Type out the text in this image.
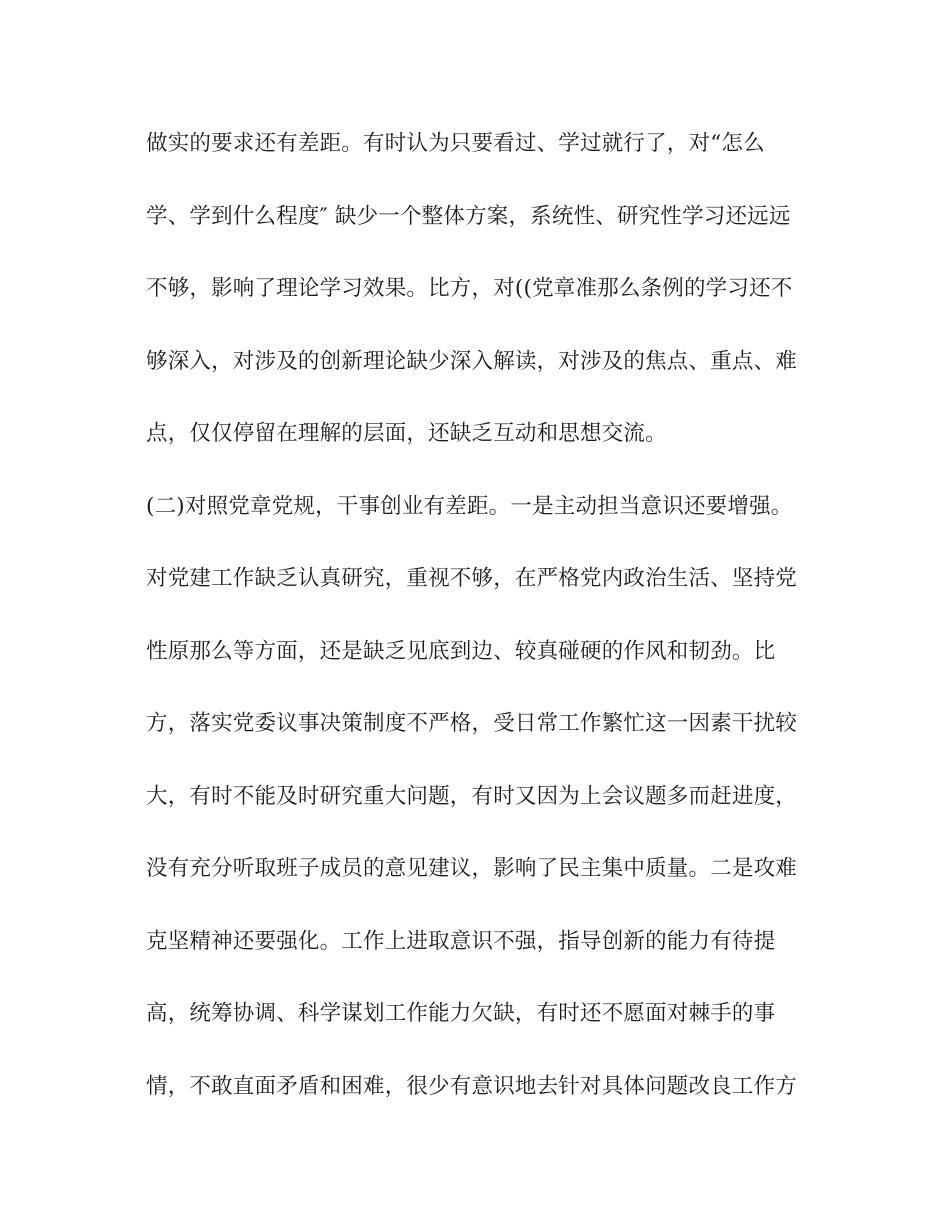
做实的要求还有差距。有时认为只要看过、学过就行了，对“怎么
学、学到什么程度″ 缺少一个整体方案，系统性、研究性学习还远远
不够，影响了理论学习效果。比方，对((党章准那么条例的学习还不
够深入，对涉及的创新理论缺少深入解读，对涉及的焦点、重点、难
点，仅仅停留在理解的层面，还缺乏互动和思想交流。
(二)对照党章党规，干事创业有差距。一是主动担当意识还要增强。
对党建工作缺乏认真研究，重视不够，在严格党内政治生活、坚持党
性原那么等方面，还是缺乏见底到边、较真碰硬的作风和韧劲。比
方，落实党委议事决策制度不严格，受日常工作繁忙这一因素干扰较
大，有时不能及时研究重大问题，有时又因为上会议题多而赶进度，
没有充分听取班子成员的意见建议，影响了民主集中质量。二是攻难
克坚精神还要强化。工作上进取意识不强，指导创新的能力有待提
高，统筹协调、科学谋划工作能力欠缺，有时还不愿面对棘手的事
情，不敢直面矛盾和困难，很少有意识地去针对具体问题改良工作方
